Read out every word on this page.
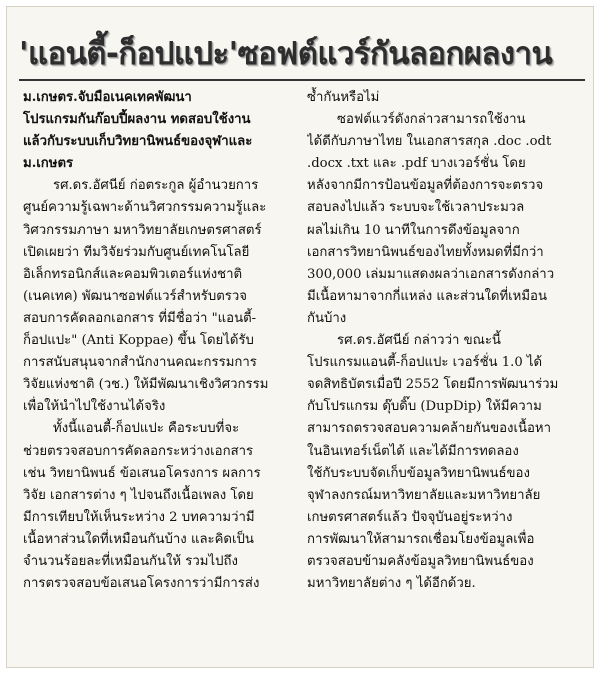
'แอนตี้-ก็อปแปะ'ซอฟต์แวร์กันลอกผลงาน
ม.เกษตร.จับมือเนคเทคพัฒนา
โปรแกรมกันก๊อบปี้ผลงาน ทดสอบใช้งาน
แล้วกับระบบเก็บวิทยานิพนธ์ของจุฬาและ
ม.เกษตร
รศ.ดร.อัศนีย์ ก่อตระกูล ผู้อำนวยการ
ศูนย์ความรู้เฉพาะด้านวิศวกรรมความรู้และ
วิศวกรรมภาษา มหาวิทยาลัยเกษตรศาสตร์
เปิดเผยว่า ทีมวิจัยร่วมกับศูนย์เทคโนโลยี
อิเล็กทรอนิกส์และคอมพิวเตอร์แห่งชาติ
(เนคเทค) พัฒนาซอฟต์แวร์สำหรับตรวจ
สอบการคัดลอกเอกสาร ที่มีชื่อว่า "แอนตี้-
ก็อปแปะ" (Anti Koppae) ขึ้น โดยได้รับ
การสนับสนุนจากสำนักงานคณะกรรมการ
วิจัยแห่งชาติ (วช.) ให้มีพัฒนาเชิงวิศวกรรม
เพื่อให้นำไปใช้งานได้จริง
ทั้งนี้แอนตี้-ก็อปแปะ คือระบบที่จะ
ช่วยตรวจสอบการคัดลอกระหว่างเอกสาร
เช่น วิทยานิพนธ์ ข้อเสนอโครงการ ผลการ
วิจัย เอกสารต่าง ๆ ไปจนถึงเนื้อเพลง โดย
มีการเทียบให้เห็นระหว่าง 2 บทความว่ามี
เนื้อหาส่วนใดที่เหมือนกันบ้าง และคิดเป็น
จำนวนร้อยละที่เหมือนกันให้ รวมไปถึง
การตรวจสอบข้อเสนอโครงการว่ามีการส่ง
ซ้ำกันหรือไม่
ซอฟต์แวร์ดังกล่าวสามารถใช้งาน
ได้ดีกับภาษาไทย ในเอกสารสกุล .doc .odt
.docx .txt และ .pdf บางเวอร์ชั่น โดย
หลังจากมีการป้อนข้อมูลที่ต้องการจะตรวจ
สอบลงไปแล้ว ระบบจะใช้เวลาประมวล
ผลไม่เกิน 10 นาทีในการดึงข้อมูลจาก
เอกสารวิทยานิพนธ์ของไทยทั้งหมดที่มีกว่า
300,000 เล่มมาแสดงผลว่าเอกสารดังกล่าว
มีเนื้อหามาจากกี่แหล่ง และส่วนใดที่เหมือน
กันบ้าง
รศ.ดร.อัศนีย์ กล่าวว่า ขณะนี้
โปรแกรมแอนตี้-ก็อปแปะ เวอร์ชั่น 1.0 ได้
จดสิทธิบัตรเมื่อปี 2552 โดยมีการพัฒนาร่วม
กับโปรแกรม ดุ๊บดิ๊บ (DupDip) ให้มีความ
สามารถตรวจสอบความคล้ายกันของเนื้อหา
ในอินเทอร์เน็ตได้ และได้มีการทดลอง
ใช้กับระบบจัดเก็บข้อมูลวิทยานิพนธ์ของ
จุฬาลงกรณ์มหาวิทยาลัยและมหาวิทยาลัย
เกษตรศาสตร์แล้ว ปัจจุบันอยู่ระหว่าง
การพัฒนาให้สามารถเชื่อมโยงข้อมูลเพื่อ
ตรวจสอบข้ามคลังข้อมูลวิทยานิพนธ์ของ
มหาวิทยาลัยต่าง ๆ ได้อีกด้วย.
